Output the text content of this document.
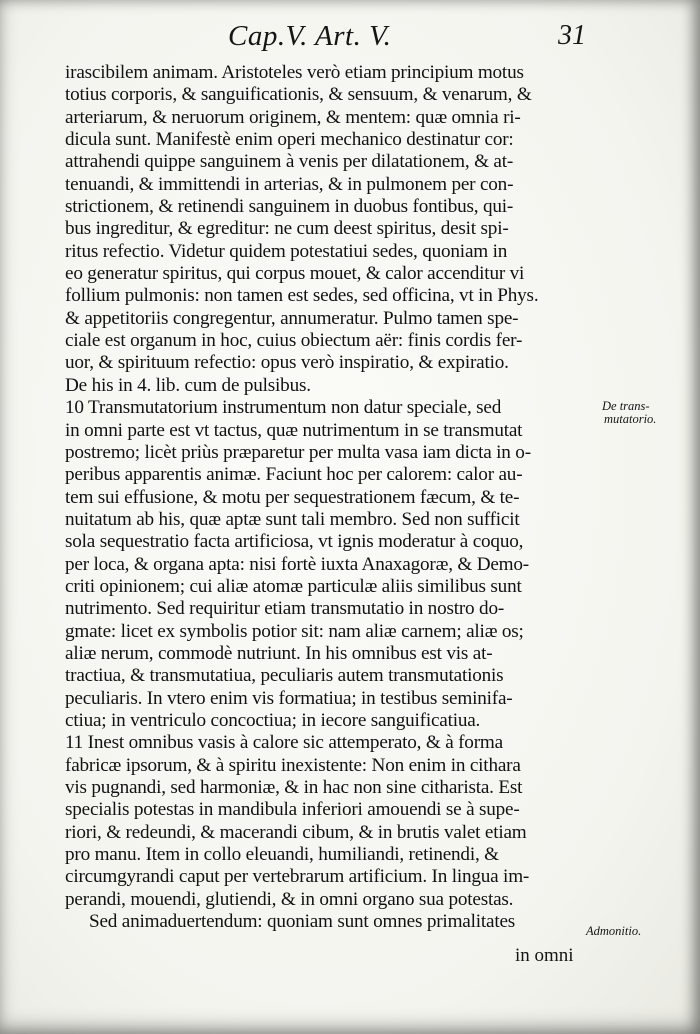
Cap.V. Art. V.	31
irascibilem animam. Aristoteles verò etiam principium motus
totius corporis, & sanguificationis, & sensuum, & venarum, &
arteriarum, & neruorum originem, & mentem: quæ omnia ri-
dicula sunt. Manifestè enim operi mechanico destinatur cor:
attrahendi quippe sanguinem à venis per dilatationem, & at-
tenuandi, & immittendi in arterias, & in pulmonem per con-
strictionem, & retinendi sanguinem in duobus fontibus, qui-
bus ingreditur, & egreditur: ne cum deest spiritus, desit spi-
ritus refectio. Videtur quidem potestatiui sedes, quoniam in
eo generatur spiritus, qui corpus mouet, & calor accenditur vi
follium pulmonis: non tamen est sedes, sed officina, vt in Phys.
& appetitoriis congregentur, annumeratur. Pulmo tamen spe-
ciale est organum in hoc, cuius obiectum aër: finis cordis fer-
uor, & spirituum refectio: opus verò inspiratio, & expiratio.
De his in 4. lib. cum de pulsibus.
10 Transmutatorium instrumentum non datur speciale, sed
in omni parte est vt tactus, quæ nutrimentum in se transmutat
postremo; licèt priùs præparetur per multa vasa iam dicta in o-
peribus apparentis animæ. Faciunt hoc per calorem: calor au-
tem sui effusione, & motu per sequestrationem fæcum, & te-
nuitatum ab his, quæ aptæ sunt tali membro. Sed non sufficit
sola sequestratio facta artificiosa, vt ignis moderatur à coquo,
per loca, & organa apta: nisi fortè iuxta Anaxagoræ, & Demo-
criti opinionem; cui aliæ atomæ particulæ aliis similibus sunt
nutrimento. Sed requiritur etiam transmutatio in nostro do-
gmate: licet ex symbolis potior sit: nam aliæ carnem; aliæ os;
aliæ nerum, commodè nutriunt. In his omnibus est vis at-
tractiua, & transmutatiua, peculiaris autem transmutationis
peculiaris. In vtero enim vis formatiua; in testibus seminifa-
ctiua; in ventriculo concoctiua; in iecore sanguificatiua.
11 Inest omnibus vasis à calore sic attemperato, & à forma
fabricæ ipsorum, & à spiritu inexistente: Non enim in cithara
vis pugnandi, sed harmoniæ, & in hac non sine citharista. Est
specialis potestas in mandibula inferiori amouendi se à supe-
riori, & redeundi, & macerandi cibum, & in brutis valet etiam
pro manu. Item in collo eleuandi, humiliandi, retinendi, &
circumgyrandi caput per vertebrarum artificium. In lingua im-
perandi, mouendi, glutiendi, & in omni organo sua potestas.
Sed animaduertendum: quoniam sunt omnes primalitates
De trans-
mutatorio.
Admonitio.
in omni
